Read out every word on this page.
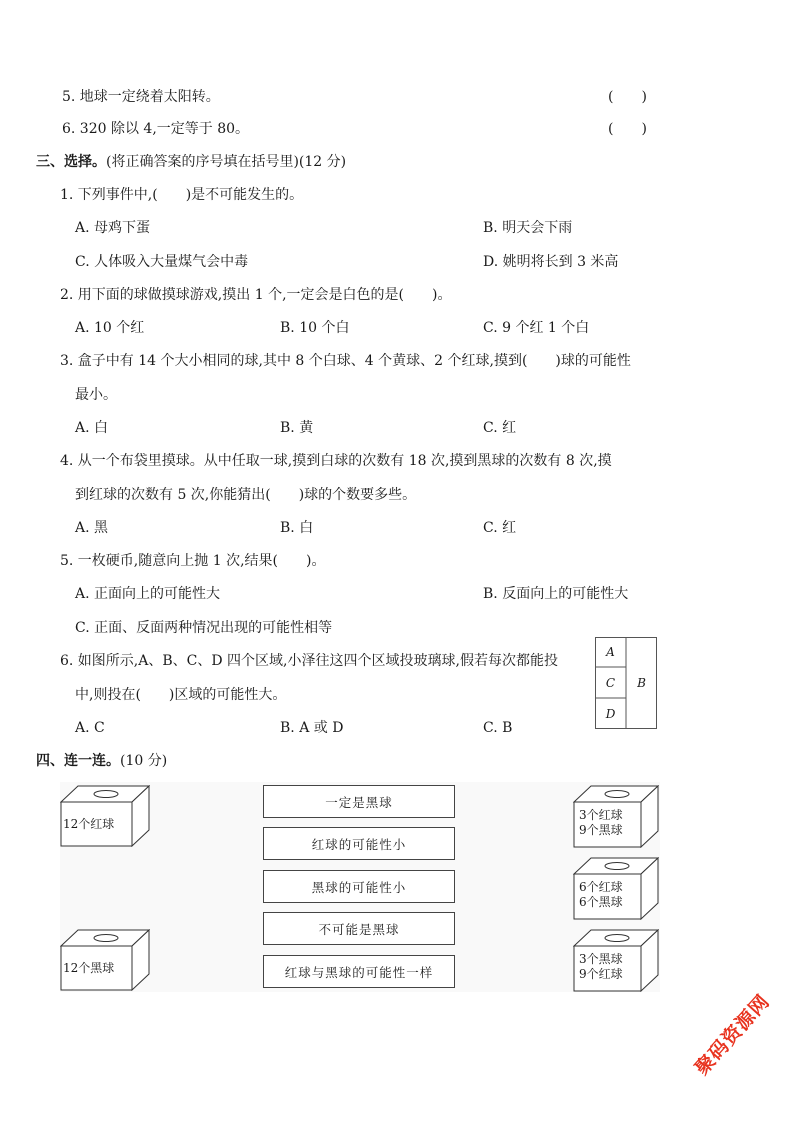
5. 地球一定绕着太阳转。	(　　)
6. 320 除以 4,一定等于 80。	(　　)
三、选择。(将正确答案的序号填在括号里)(12 分)
1. 下列事件中,(　　)是不可能发生的。
A. 母鸡下蛋	B. 明天会下雨
C. 人体吸入大量煤气会中毒	D. 姚明将长到 3 米高
2. 用下面的球做摸球游戏,摸出 1 个,一定会是白色的是(　　)。
A. 10 个红	B. 10 个白	C. 9 个红 1 个白
3. 盒子中有 14 个大小相同的球,其中 8 个白球、4 个黄球、2 个红球,摸到(　　)球的可能性
最小。
A. 白	B. 黄	C. 红
4. 从一个布袋里摸球。从中任取一球,摸到白球的次数有 18 次,摸到黑球的次数有 8 次,摸
到红球的次数有 5 次,你能猜出(　　)球的个数要多些。
A. 黑	B. 白	C. 红
5. 一枚硬币,随意向上抛 1 次,结果(　　)。
A. 正面向上的可能性大	B. 反面向上的可能性大
C. 正面、反面两种情况出现的可能性相等
6. 如图所示,A、B、C、D 四个区域,小泽往这四个区域投玻璃球,假若每次都能投
中,则投在(　　)区域的可能性大。
A. C	B. A 或 D	C. B
A
C
D
B
四、连一连。(10 分)
12个红球
12个黑球
一定是黑球
红球的可能性小
黑球的可能性小
不可能是黑球
红球与黑球的可能性一样
3个红球
9个黑球
6个红球
6个黑球
3个黑球
9个红球
聚码资源网
